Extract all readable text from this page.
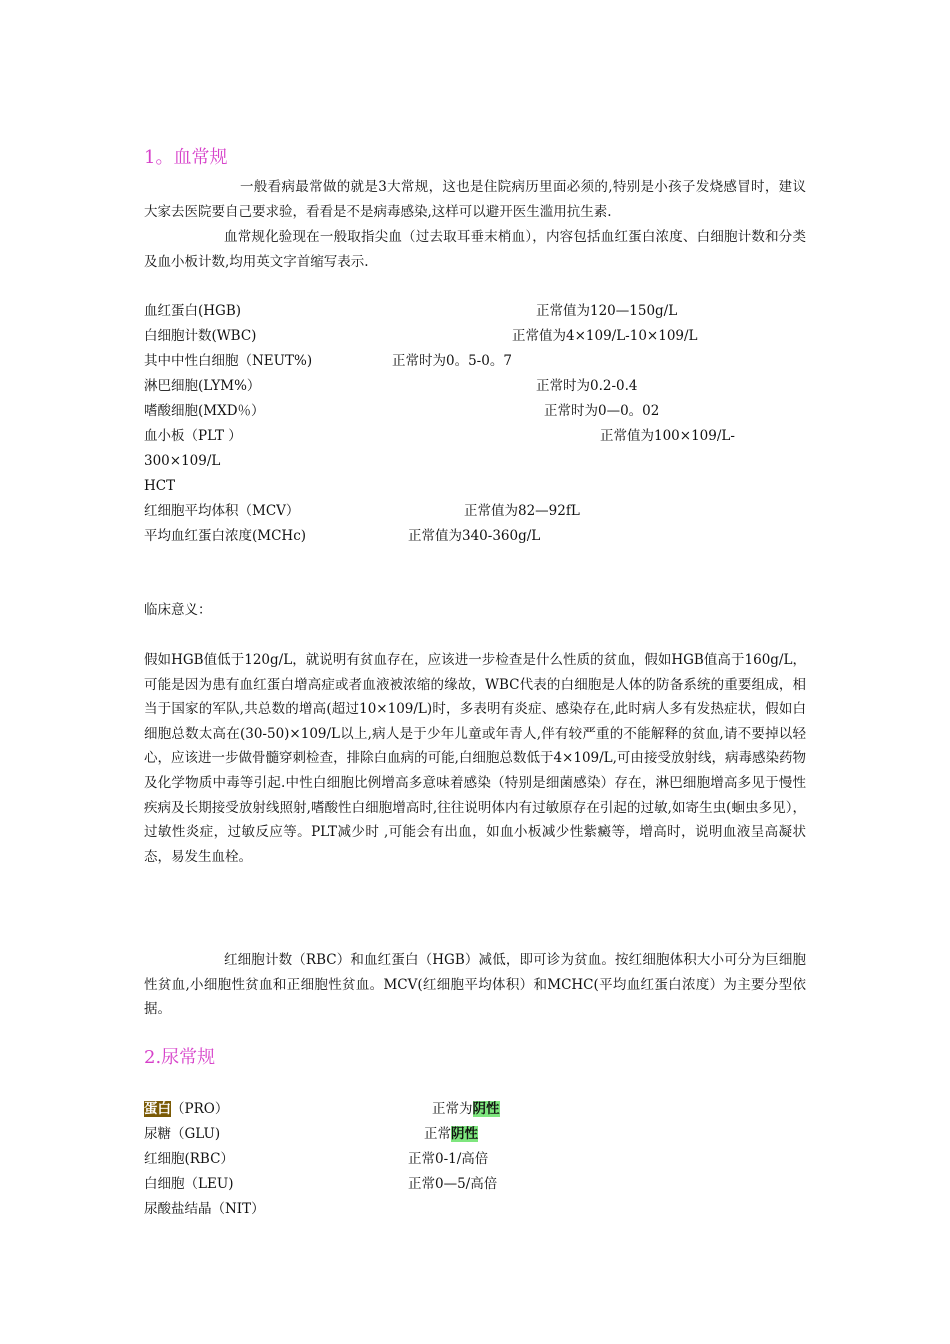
1。血常规
一般看病最常做的就是3大常规，这也是住院病历里面必须的,特别是小孩子发烧感冒时，建议大家去医院要自己要求验，看看是不是病毒感染,这样可以避开医生滥用抗生素.
血常规化验现在一般取指尖血（过去取耳垂末梢血），内容包括血红蛋白浓度、白细胞计数和分类及血小板计数,均用英文字首缩写表示.
血红蛋白(HGB)	正常值为120—150g/L
白细胞计数(WBC)	正常值为4×109/L-10×109/L
其中中性白细胞（NEUT%)	正常时为0。5-0。7
淋巴细胞(LYM%）	正常时为0.2-0.4
嗜酸细胞(MXD％）	正常时为0—0。02
血小板（PLT ）	正常值为100×109/L-
300×109/L
HCT
红细胞平均体积（MCV）	正常值为82—92fL
平均血红蛋白浓度(MCHc)	正常值为340-360g/L
临床意义：
假如HGB值低于120g/L，就说明有贫血存在，应该进一步检查是什么性质的贫血，假如HGB值高于160g/L，可能是因为患有血红蛋白增高症或者血液被浓缩的缘故，WBC代表的白细胞是人体的防备系统的重要组成，相当于国家的军队,共总数的增高(超过10×109/L)时，多表明有炎症、感染存在,此时病人多有发热症状，假如白细胞总数太高在(30-50)×109/L以上,病人是于少年儿童或年青人,伴有较严重的不能解释的贫血,请不要掉以轻心，应该进一步做骨髓穿刺检查，排除白血病的可能,白细胞总数低于4×109/L,可由接受放射线，病毒感染药物及化学物质中毒等引起.中性白细胞比例增高多意味着感染（特别是细菌感染）存在，淋巴细胞增高多见于慢性疾病及长期接受放射线照射,嗜酸性白细胞增高时,往往说明体内有过敏原存在引起的过敏,如寄生虫(蛔虫多见），过敏性炎症，过敏反应等。PLT减少时 ,可能会有出血，如血小板减少性紫癜等，增高时，说明血液呈高凝状态，易发生血栓。
红细胞计数（RBC）和血红蛋白（HGB）减低，即可诊为贫血。按红细胞体积大小可分为巨细胞性贫血,小细胞性贫血和正细胞性贫血。MCV(红细胞平均体积）和MCHC(平均血红蛋白浓度）为主要分型依据。
2.尿常规
蛋白（PRO）	正常为阴性
尿糖（GLU)	正常阴性
红细胞(RBC）	正常0-1/高倍
白细胞（LEU)	正常0—5/高倍
尿酸盐结晶（NIT）
